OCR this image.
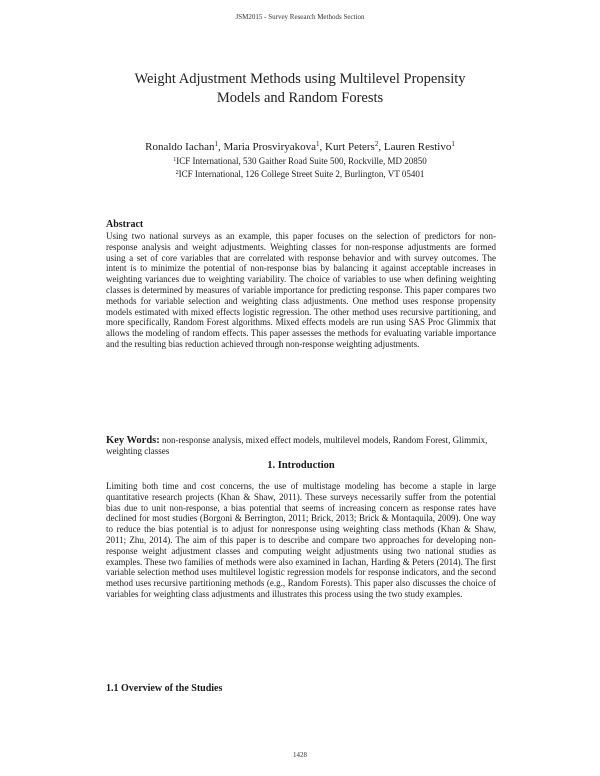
JSM2015 - Survey Research Methods Section
Weight Adjustment Methods using Multilevel Propensity
Models and Random Forests
Ronaldo Iachan$^1$, Maria Prosviryakova$^1$, Kurt Peters$^2$, Lauren Restivo$^1$
$^1$ICF International, 530 Gaither Road Suite 500, Rockville, MD 20850
$^2$ICF International, 126 College Street Suite 2, Burlington, VT 05401
Abstract

Using two national surveys as an example, this paper focuses on the selection of predictors for non-response analysis and weight adjustments. Weighting classes for non-response adjustments are formed using a set of core variables that are correlated with response behavior and with survey outcomes. The intent is to minimize the potential of non-response bias by balancing it against acceptable increases in weighting variances due to weighting variability. The choice of variables to use when defining weighting classes is determined by measures of variable importance for predicting response. This paper compares two methods for variable selection and weighting class adjustments. One method uses response propensity models estimated with mixed effects logistic regression. The other method uses recursive partitioning, and more specifically, Random Forest algorithms. Mixed effects models are run using SAS Proc Glimmix that allows the modeling of random effects. This paper assesses the methods for evaluating variable importance and the resulting bias reduction achieved through non-response weighting adjustments.

Key Words: non-response analysis, mixed effect models, multilevel models, Random Forest, Glimmix, weighting classes
1. Introduction

Limiting both time and cost concerns, the use of multistage modeling has become a staple in large quantitative research projects (Khan & Shaw, 2011). These surveys necessarily suffer from the potential bias due to unit non-response, a bias potential that seems of increasing concern as response rates have declined for most studies (Borgoni & Berrington, 2011; Brick, 2013; Brick & Montaquila, 2009). One way to reduce the bias potential is to adjust for nonresponse using weighting class methods (Khan & Shaw, 2011; Zhu, 2014). The aim of this paper is to describe and compare two approaches for developing non-response weight adjustment classes and computing weight adjustments using two national studies as examples. These two families of methods were also examined in Iachan, Harding & Peters (2014). The first variable selection method uses multilevel logistic regression models for response indicators, and the second method uses recursive partitioning methods (e.g., Random Forests). This paper also discusses the choice of variables for weighting class adjustments and illustrates this process using the two study examples.

1.1 Overview of the Studies
1428
